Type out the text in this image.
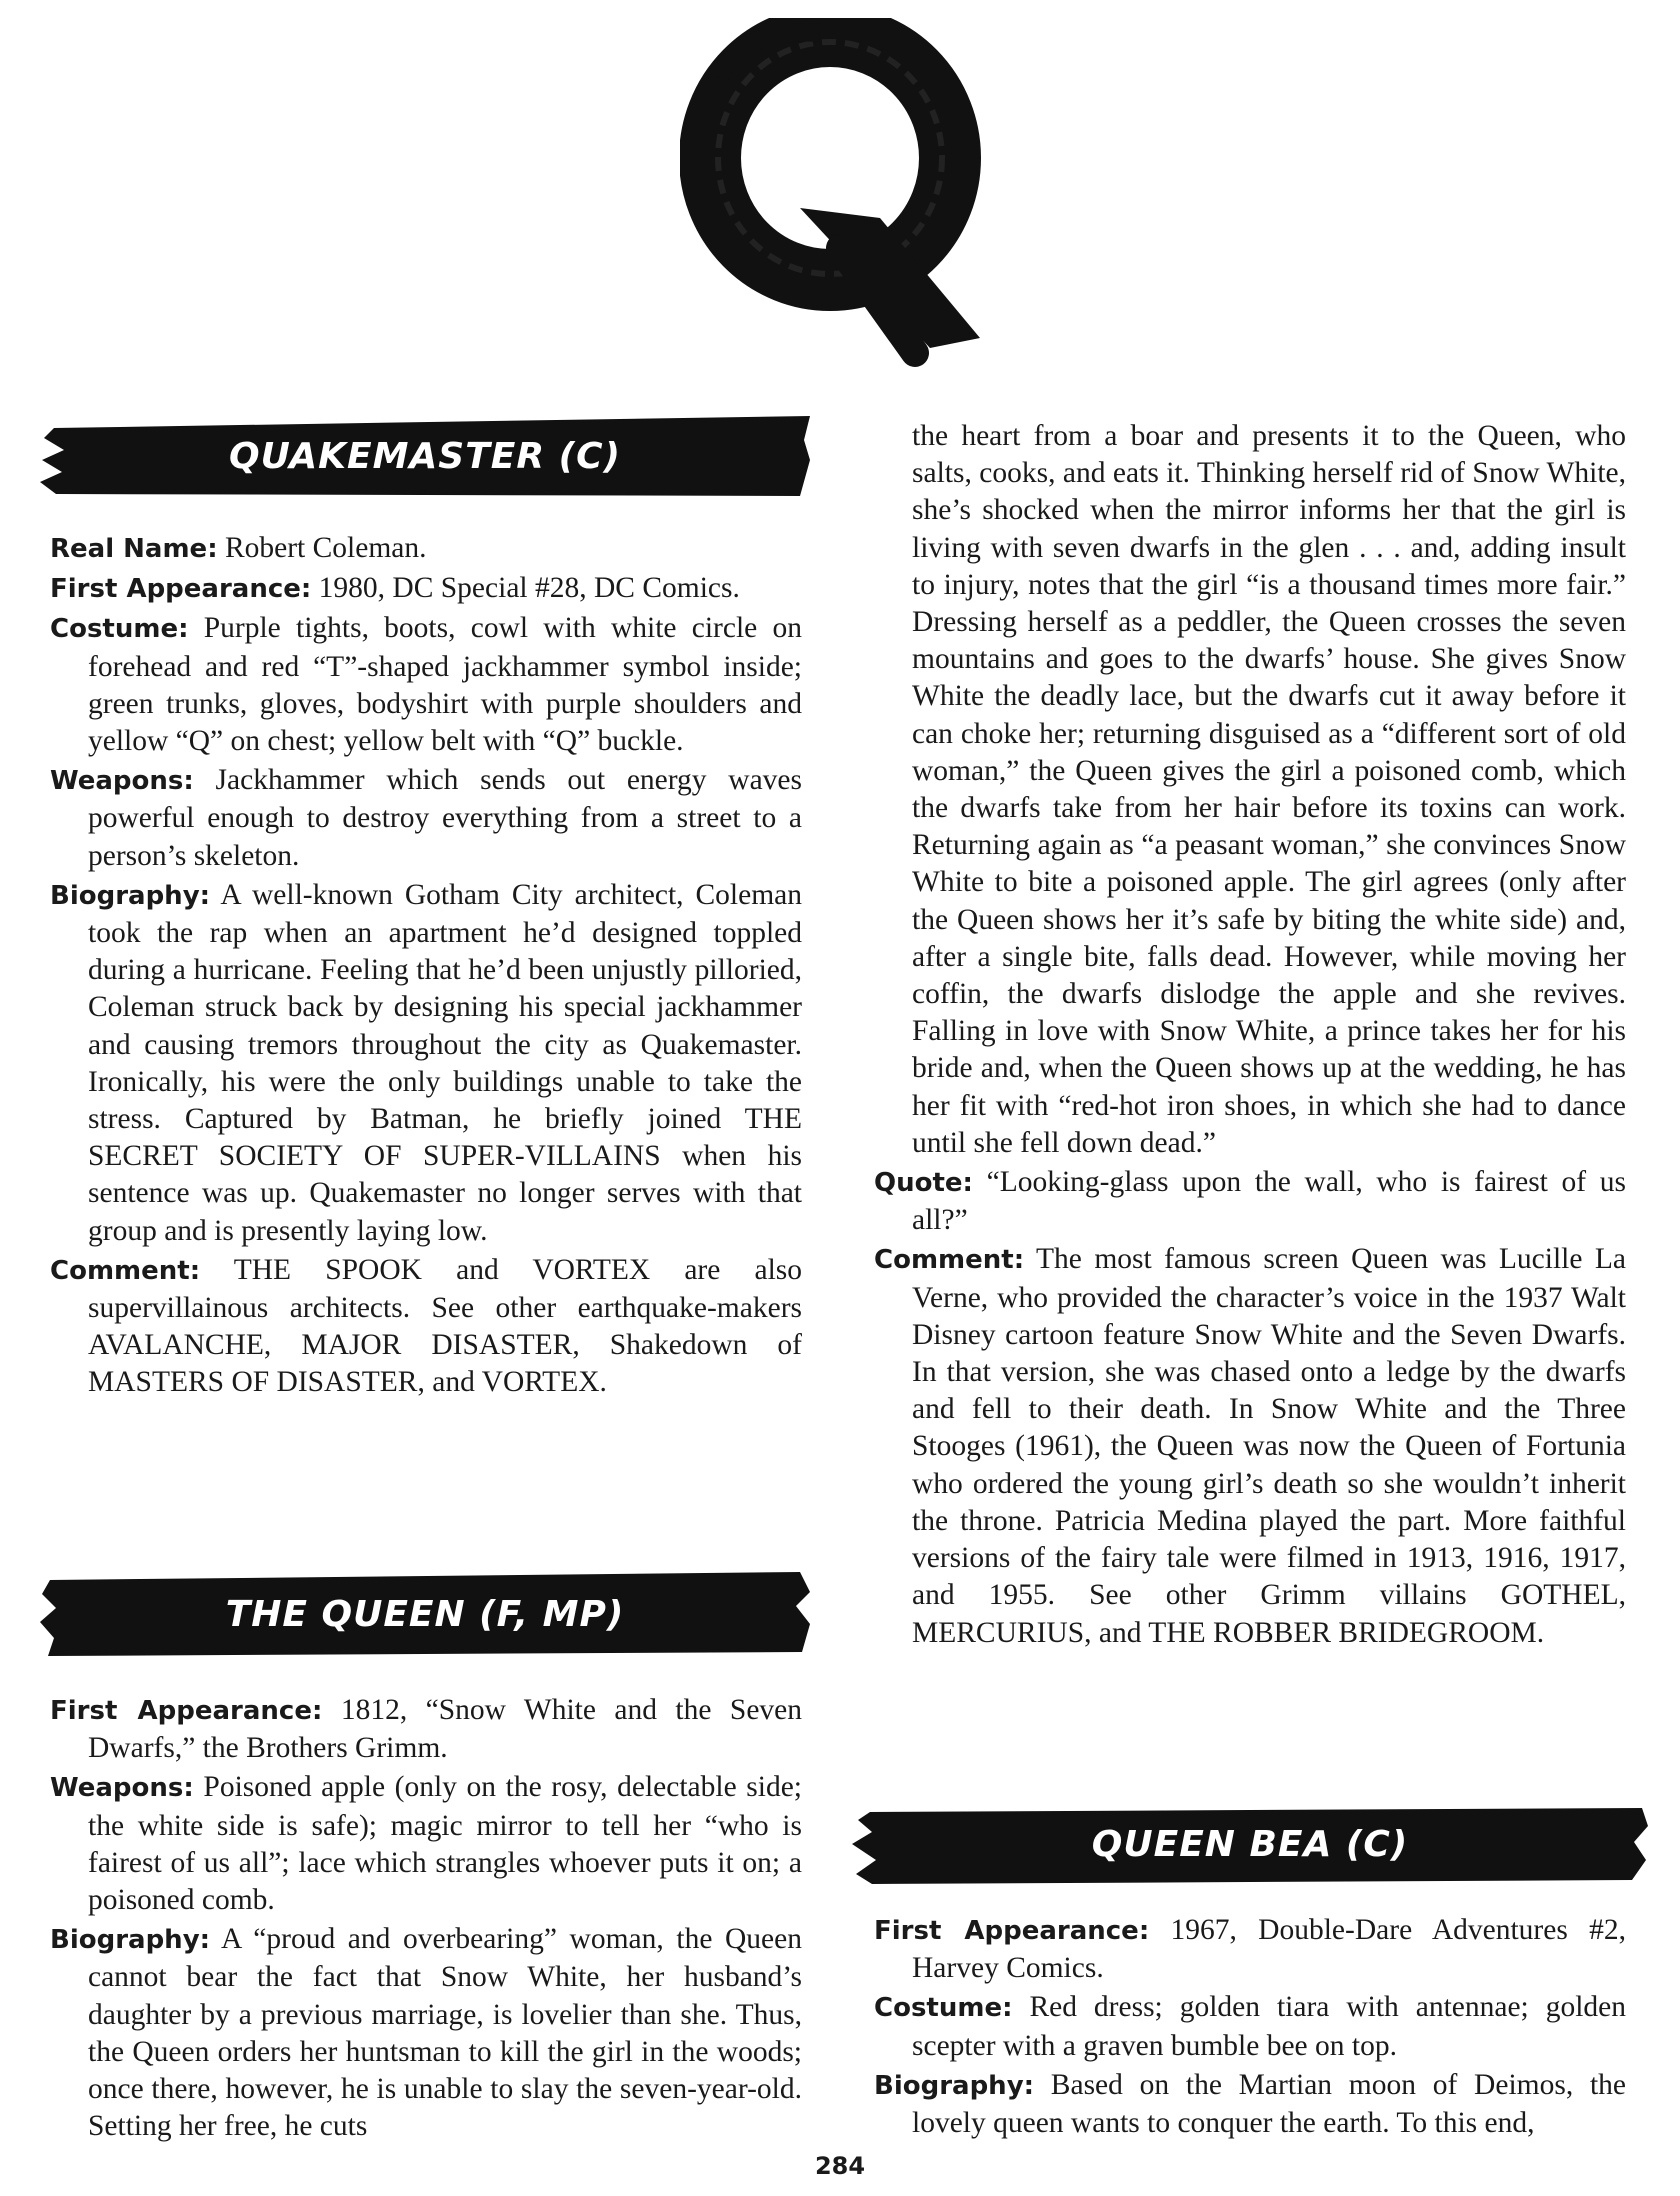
QUAKEMASTER (C)

Real Name: Robert Coleman.

First Appearance: 1980, DC Special #28, DC Comics.

Costume: Purple tights, boots, cowl with white circle on forehead and red “T”-shaped jackhammer symbol inside; green trunks, gloves, bodyshirt with purple shoulders and yellow “Q” on chest; yellow belt with “Q” buckle.

Weapons: Jackhammer which sends out energy waves powerful enough to destroy everything from a street to a person’s skeleton.

Biography: A well-known Gotham City architect, Coleman took the rap when an apartment he’d designed toppled during a hurricane. Feeling that he’d been unjustly pilloried, Coleman struck back by designing his special jackhammer and causing tremors throughout the city as Quakemaster. Ironically, his were the only buildings unable to take the stress. Captured by Batman, he briefly joined THE SECRET SOCIETY OF SUPER-VILLAINS when his sentence was up. Quakemaster no longer serves with that group and is presently laying low.

Comment: THE SPOOK and VORTEX are also supervillainous architects. See other earthquake-makers AVALANCHE, MAJOR DISASTER, Shakedown of MASTERS OF DISASTER, and VORTEX.

THE QUEEN (F, MP)

First Appearance: 1812, “Snow White and the Seven Dwarfs,” the Brothers Grimm.

Weapons: Poisoned apple (only on the rosy, delectable side; the white side is safe); magic mirror to tell her “who is fairest of us all”; lace which strangles whoever puts it on; a poisoned comb.

Biography: A “proud and overbearing” woman, the Queen cannot bear the fact that Snow White, her husband’s daughter by a previous marriage, is lovelier than she. Thus, the Queen orders her huntsman to kill the girl in the woods; once there, however, he is unable to slay the seven-year-old. Setting her free, he cuts

the heart from a boar and presents it to the Queen, who salts, cooks, and eats it. Thinking herself rid of Snow White, she’s shocked when the mirror informs her that the girl is living with seven dwarfs in the glen . . . and, adding insult to injury, notes that the girl “is a thousand times more fair.” Dressing herself as a peddler, the Queen crosses the seven mountains and goes to the dwarfs’ house. She gives Snow White the deadly lace, but the dwarfs cut it away before it can choke her; returning disguised as a “different sort of old woman,” the Queen gives the girl a poisoned comb, which the dwarfs take from her hair before its toxins can work. Returning again as “a peasant woman,” she convinces Snow White to bite a poisoned apple. The girl agrees (only after the Queen shows her it’s safe by biting the white side) and, after a single bite, falls dead. However, while moving her coffin, the dwarfs dislodge the apple and she revives. Falling in love with Snow White, a prince takes her for his bride and, when the Queen shows up at the wedding, he has her fit with “red-hot iron shoes, in which she had to dance until she fell down dead.”

Quote: “Looking-glass upon the wall, who is fairest of us all?”

Comment: The most famous screen Queen was Lucille La Verne, who provided the character’s voice in the 1937 Walt Disney cartoon feature Snow White and the Seven Dwarfs. In that version, she was chased onto a ledge by the dwarfs and fell to their death. In Snow White and the Three Stooges (1961), the Queen was now the Queen of Fortunia who ordered the young girl’s death so she wouldn’t inherit the throne. Patricia Medina played the part. More faithful versions of the fairy tale were filmed in 1913, 1916, 1917, and 1955. See other Grimm villains GOTHEL, MERCURIUS, and THE ROBBER BRIDEGROOM.

QUEEN BEA (C)

First Appearance: 1967, Double-Dare Adventures #2, Harvey Comics.

Costume: Red dress; golden tiara with antennae; golden scepter with a graven bumble bee on top.

Biography: Based on the Martian moon of Deimos, the lovely queen wants to conquer the earth. To this end,

284
